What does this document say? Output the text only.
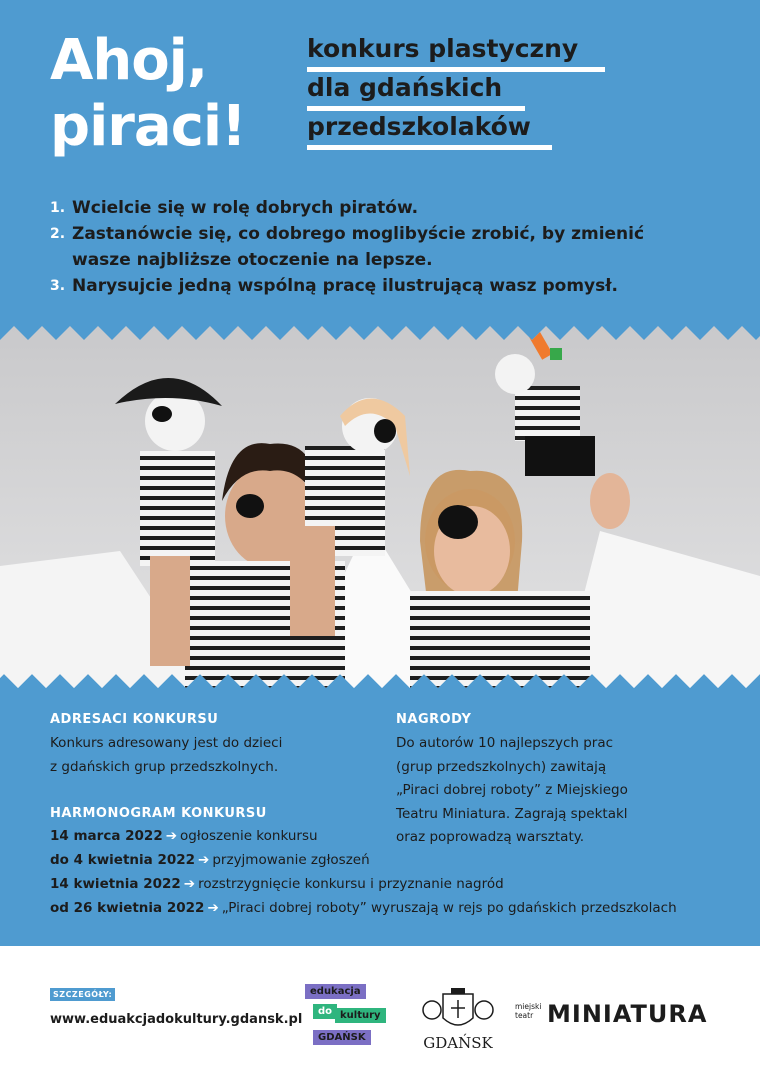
Ahoj,
piraci!
konkurs plastyczny
dla gdańskich
przedszkolaków
1. Wcielcie się w rolę dobrych piratów.
2. Zastanówcie się, co dobrego moglibyście zrobić, by zmienić wasze najbliższe otoczenie na lepsze.
3. Narysujcie jedną wspólną pracę ilustrującą wasz pomysł.
ADRESACI KONKURSU
Konkurs adresowany jest do dzieci
z gdańskich grup przedszkolnych.
NAGRODY
Do autorów 10 najlepszych prac
(grup przedszkolnych) zawitają
„Piraci dobrej roboty” z Miejskiego
Teatru Miniatura. Zagrają spektakl
oraz poprowadzą warsztaty.
HARMONOGRAM KONKURSU
14 marca 2022 ➔ ogłoszenie konkursu
do 4 kwietnia 2022 ➔ przyjmowanie zgłoszeń
14 kwietnia 2022 ➔ rozstrzygnięcie konkursu i przyznanie nagród
od 26 kwietnia 2022 ➔ „Piraci dobrej roboty” wyruszają w rejs po gdańskich przedszkolach
SZCZEGÓŁY:
www.eduakcjadokultury.gdansk.pl
edukacja
do kultury
GDAŃSK	GDAŃSK
miejski
teatr MINIATURA
